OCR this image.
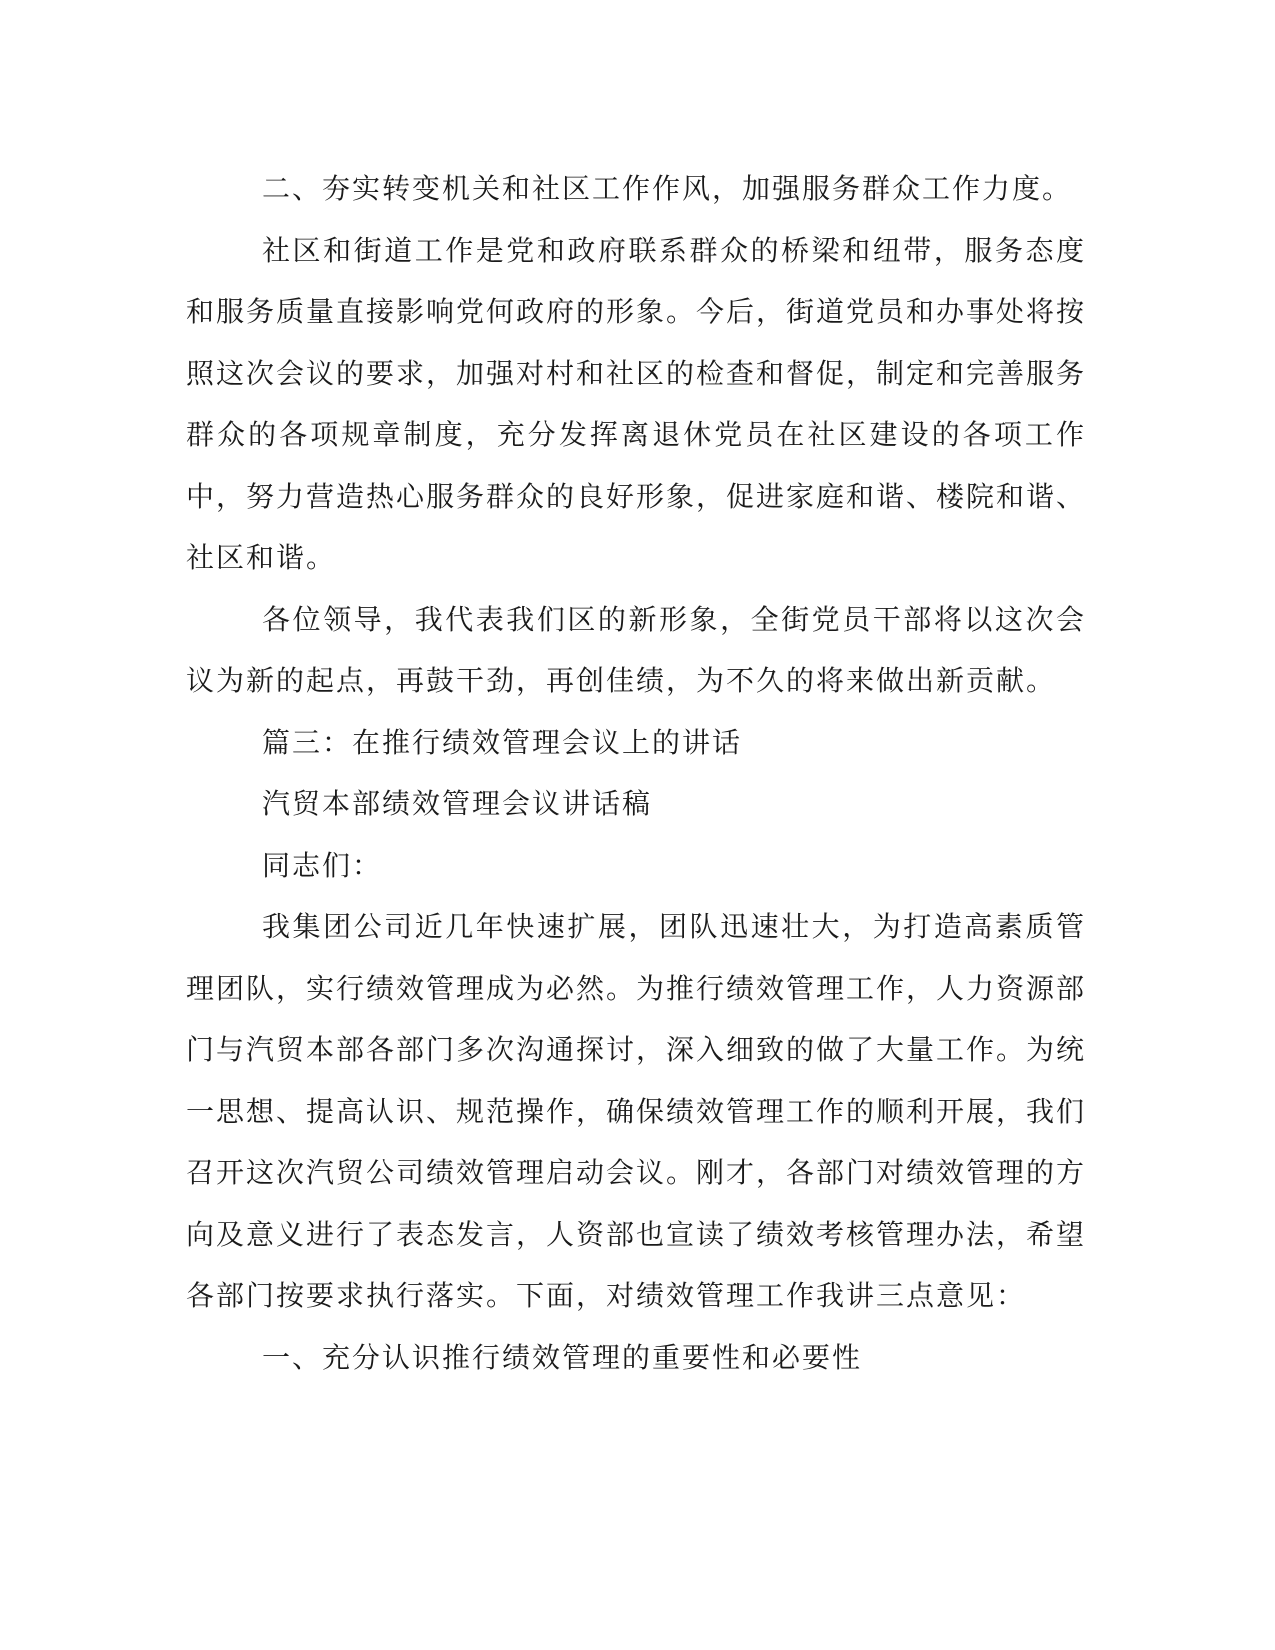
二、夯实转变机关和社区工作作风，加强服务群众工作力度。

社区和街道工作是党和政府联系群众的桥梁和纽带，服务态度和服务质量直接影响党何政府的形象。今后，街道党员和办事处将按照这次会议的要求，加强对村和社区的检查和督促，制定和完善服务群众的各项规章制度，充分发挥离退休党员在社区建设的各项工作中，努力营造热心服务群众的良好形象，促进家庭和谐、楼院和谐、社区和谐。

各位领导，我代表我们区的新形象，全街党员干部将以这次会议为新的起点，再鼓干劲，再创佳绩，为不久的将来做出新贡献。

篇三：在推行绩效管理会议上的讲话

汽贸本部绩效管理会议讲话稿

同志们：

我集团公司近几年快速扩展，团队迅速壮大，为打造高素质管理团队，实行绩效管理成为必然。为推行绩效管理工作，人力资源部门与汽贸本部各部门多次沟通探讨，深入细致的做了大量工作。为统一思想、提高认识、规范操作，确保绩效管理工作的顺利开展，我们召开这次汽贸公司绩效管理启动会议。刚才，各部门对绩效管理的方向及意义进行了表态发言，人资部也宣读了绩效考核管理办法，希望各部门按要求执行落实。下面，对绩效管理工作我讲三点意见：

一、充分认识推行绩效管理的重要性和必要性
